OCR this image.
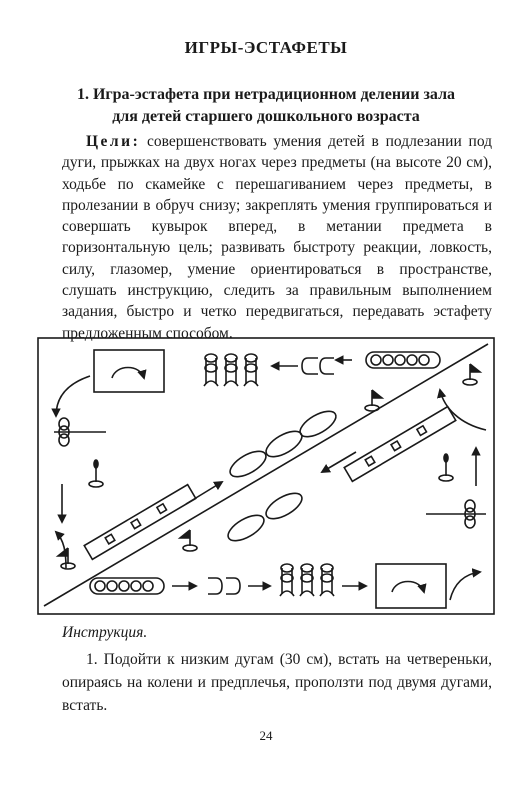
ИГРЫ-ЭСТАФЕТЫ
1. Игра-эстафета при нетрадиционном делении зала
для детей старшего дошкольного возраста
Цели: совершенствовать умения детей в подлезании под дуги, прыжках на двух ногах через предметы (на высоте 20 см), ходьбе по скамейке с перешагиванием через предметы, в пролезании в обруч снизу; закреплять умения группироваться и совершать кувырок вперед, в метании предмета в горизонтальную цель; развивать быстроту реакции, ловкость, силу, глазомер, умение ориентироваться в пространстве, слушать инструкцию, следить за правильным выполнением задания, быстро и четко передвигаться, передавать эстафету предложенным способом.
Инструкция.
1. Подойти к низким дугам (30 см), встать на четвереньки, опираясь на колени и предплечья, проползти под двумя дугами, встать.
24
